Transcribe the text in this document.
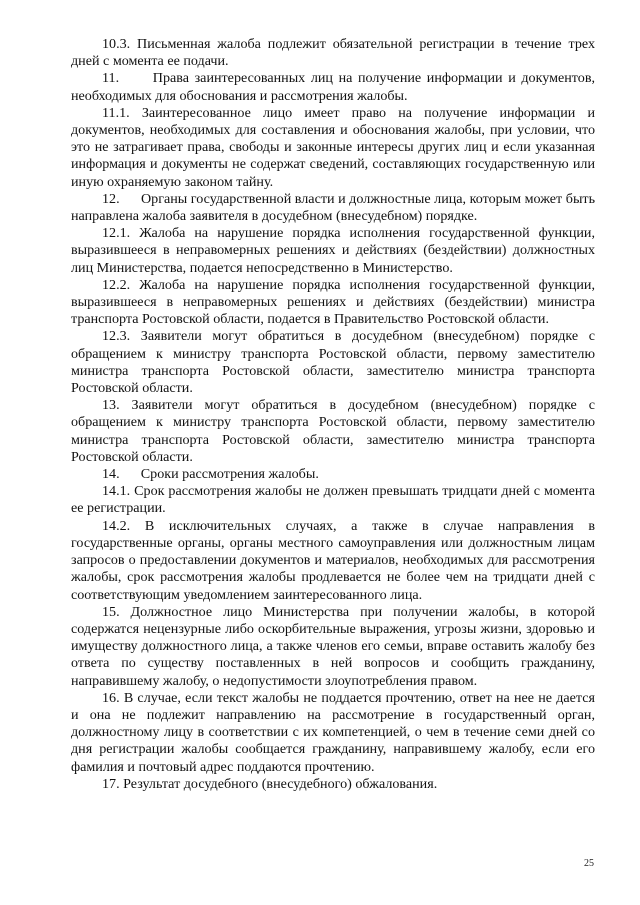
10.3. Письменная жалоба подлежит обязательной регистрации в течение трех дней с момента ее подачи.

11.      Права заинтересованных лиц на получение информации и документов, необходимых для обоснования и рассмотрения жалобы.

11.1. Заинтересованное лицо имеет право на получение информации и документов, необходимых для составления и обоснования жалобы, при условии, что это не затрагивает права, свободы и законные интересы других лиц и если указанная информация и документы не содержат сведений, составляющих государственную или иную охраняемую законом тайну.

12.      Органы государственной власти и должностные лица, которым может быть направлена жалоба заявителя в досудебном (внесудебном) порядке.

12.1. Жалоба на нарушение порядка исполнения государственной функции, выразившееся в неправомерных решениях и действиях (бездействии) должностных лиц Министерства, подается непосредственно в Министерство.

12.2. Жалоба на нарушение порядка исполнения государственной функции, выразившееся в неправомерных решениях и действиях (бездействии) министра транспорта Ростовской области, подается в Правительство Ростовской области.

12.3. Заявители могут обратиться в досудебном (внесудебном) порядке с обращением к министру транспорта Ростовской области, первому заместителю министра транспорта Ростовской области, заместителю министра транспорта Ростовской области.

13. Заявители могут обратиться в досудебном (внесудебном) порядке с обращением к министру транспорта Ростовской области, первому заместителю министра транспорта Ростовской области, заместителю министра транспорта Ростовской области.

14.      Сроки рассмотрения жалобы.

14.1. Срок рассмотрения жалобы не должен превышать тридцати дней с момента ее регистрации.

14.2. В исключительных случаях, а также в случае направления в государственные органы, органы местного самоуправления или должностным лицам запросов о предоставлении документов и материалов, необходимых для рассмотрения жалобы, срок рассмотрения жалобы продлевается не более чем на тридцати дней с соответствующим уведомлением заинтересованного лица.

15. Должностное лицо Министерства при получении жалобы, в которой содержатся нецензурные либо оскорбительные выражения, угрозы жизни, здоровью и имуществу должностного лица, а также членов его семьи, вправе оставить жалобу без ответа по существу поставленных в ней вопросов и сообщить гражданину, направившему жалобу, о недопустимости злоупотребления правом.

16. В случае, если текст жалобы не поддается прочтению, ответ на нее не дается и она не подлежит направлению на рассмотрение в государственный орган, должностному лицу в соответствии с их компетенцией, о чем в течение семи дней со дня регистрации жалобы сообщается гражданину, направившему жалобу, если его фамилия и почтовый адрес поддаются прочтению.

17. Результат досудебного (внесудебного) обжалования.

25
